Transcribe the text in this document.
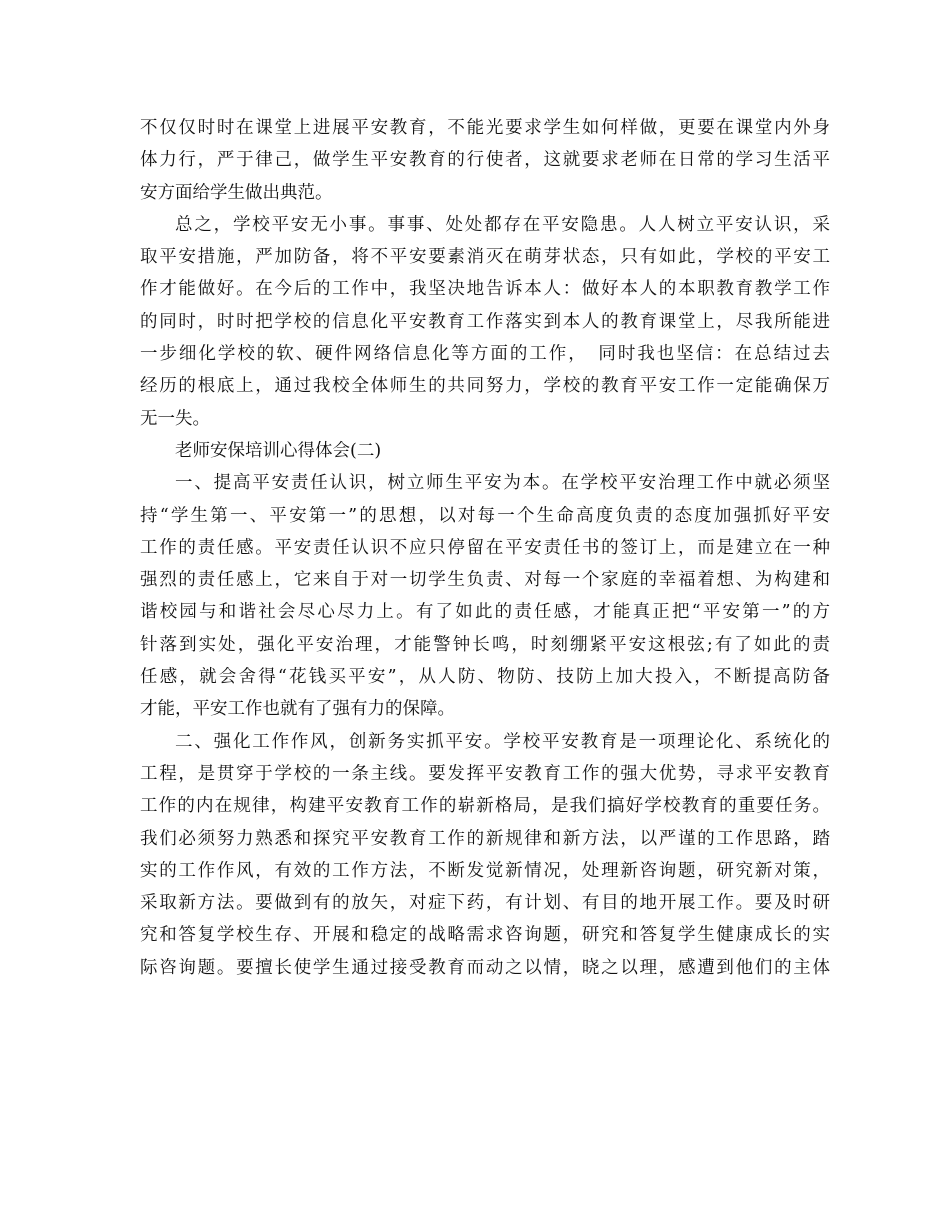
不仅仅时时在课堂上进展平安教育，不能光要求学生如何样做，更要在课堂内外身
体力行，严于律己，做学生平安教育的行使者，这就要求老师在日常的学习生活平
安方面给学生做出典范。
总之，学校平安无小事。事事、处处都存在平安隐患。人人树立平安认识，采
取平安措施，严加防备，将不平安要素消灭在萌芽状态，只有如此，学校的平安工
作才能做好。在今后的工作中，我坚决地告诉本人：做好本人的本职教育教学工作
的同时，时时把学校的信息化平安教育工作落实到本人的教育课堂上，尽我所能进
一步细化学校的软、硬件网络信息化等方面的工作，　同时我也坚信：在总结过去
经历的根底上，通过我校全体师生的共同努力，学校的教育平安工作一定能确保万
无一失。
老师安保培训心得体会(二)
一、提高平安责任认识，树立师生平安为本。在学校平安治理工作中就必须坚
持“学生第一、平安第一”的思想，以对每一个生命高度负责的态度加强抓好平安
工作的责任感。平安责任认识不应只停留在平安责任书的签订上，而是建立在一种
强烈的责任感上，它来自于对一切学生负责、对每一个家庭的幸福着想、为构建和
谐校园与和谐社会尽心尽力上。有了如此的责任感，才能真正把“平安第一”的方
针落到实处，强化平安治理，才能警钟长鸣，时刻绷紧平安这根弦;有了如此的责
任感，就会舍得“花钱买平安”，从人防、物防、技防上加大投入，不断提高防备
才能，平安工作也就有了强有力的保障。
二、强化工作作风，创新务实抓平安。学校平安教育是一项理论化、系统化的
工程，是贯穿于学校的一条主线。要发挥平安教育工作的强大优势，寻求平安教育
工作的内在规律，构建平安教育工作的崭新格局，是我们搞好学校教育的重要任务。
我们必须努力熟悉和探究平安教育工作的新规律和新方法，以严谨的工作思路，踏
实的工作作风，有效的工作方法，不断发觉新情况，处理新咨询题，研究新对策，
采取新方法。要做到有的放矢，对症下药，有计划、有目的地开展工作。要及时研
究和答复学校生存、开展和稳定的战略需求咨询题，研究和答复学生健康成长的实
际咨询题。要擅长使学生通过接受教育而动之以情，晓之以理，感遭到他们的主体
